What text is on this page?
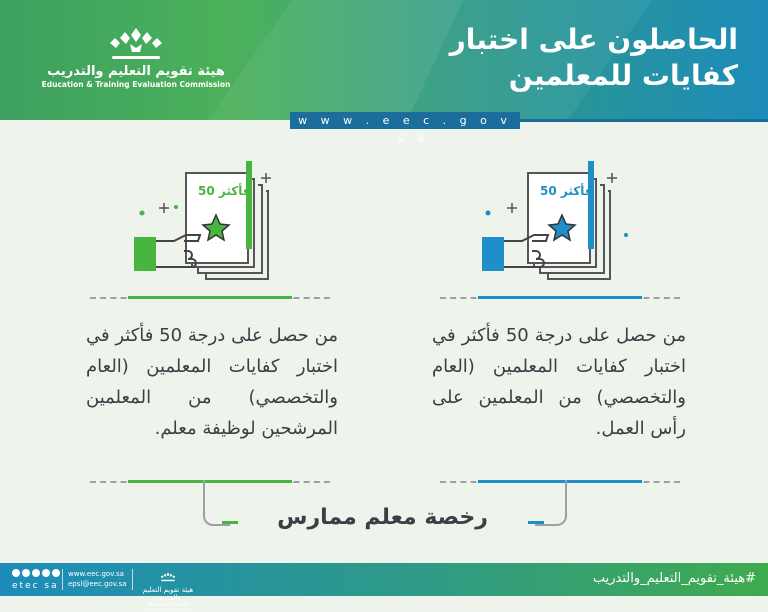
هيئة تقويم التعليم والتدريب
Education & Training Evaluation Commission
الحاصلون على اختبار
كفايات للمعلمين
w w w . e e c . g o v . s a
50 فأكثر	50 فأكثر
من حصل على درجة 50 فأكثر في اختبار كفايات المعلمين (العام والتخصصي) من المعلمين المرشحين لوظيفة معلم.
من حصل على درجة 50 فأكثر في اختبار كفايات المعلمين (العام والتخصصي) من المعلمين على رأس العمل.
رخصة معلم ممارس
etec sa
www.eec.gov.sa
epsl@eec.gov.sa
هيئة تقويم التعليم والتدريب
Education & Training Evaluation Commission
#هيئة_تقويم_التعليم_والتدريب
